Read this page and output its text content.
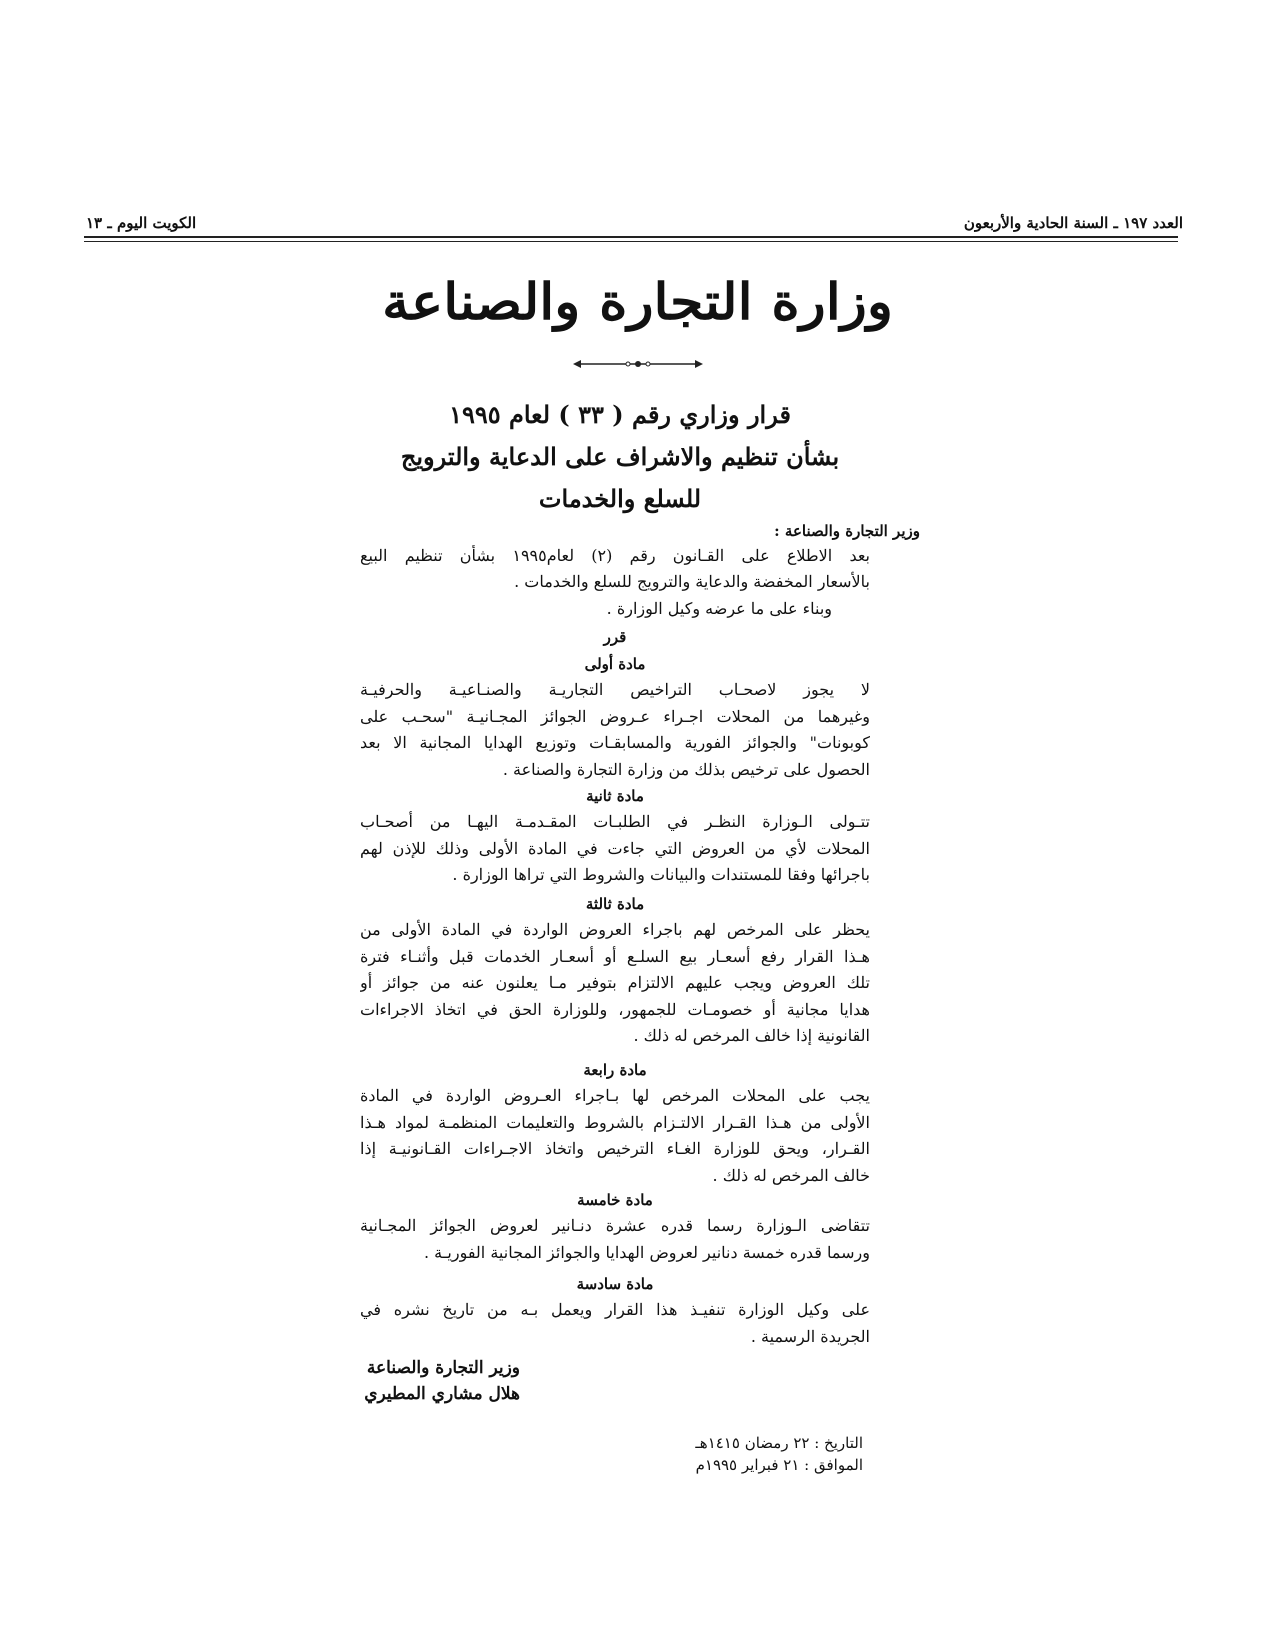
العدد ١٩٧ ـ السنة الحادية والأربعون
الكويت اليوم ـ ١٣
وزارة التجارة والصناعة
قرار وزاري رقم ( ٣٣ ) لعام ١٩٩٥
بشأن تنظيم والاشراف على الدعاية والترويج
للسلع والخدمات
وزير التجارة والصناعة :
بعد الاطلاع على القـانون رقم (٢) لعام١٩٩٥ بشأن تنظيم البيع
بالأسعار المخفضة والدعاية والترويج للسلع والخدمات .
وبناء على ما عرضه وكيل الوزارة .
قرر
مادة أولى
لا يجوز لاصحـاب التراخيص التجاريـة والصنـاعيـة والحرفيـة
وغيرهما من المحلات اجـراء عـروض الجوائز المجـانيـة "سحـب على
كوبونات" والجوائز الفورية والمسابقـات وتوزيع الهدايا المجانية الا بعد
الحصول على ترخيص بذلك من وزارة التجارة والصناعة .
مادة ثانية
تتـولى الـوزارة النظـر في الطلبـات المقـدمـة اليهـا من أصحـاب
المحلات لأي من العروض التي جاءت في المادة الأولى وذلك للإذن لهم
باجرائها وفقا للمستندات والبيانات والشروط التي تراها الوزارة .
مادة ثالثة
يحظر على المرخص لهم باجراء العروض الواردة في المادة الأولى من
هـذا القرار رفع أسعـار بيع السلـع أو أسعـار الخدمات قبل وأثنـاء فترة
تلك العروض ويجب عليهم الالتزام بتوفير مـا يعلنون عنه من جوائز أو
هدايا مجانية أو خصومـات للجمهور، وللوزارة الحق في اتخاذ الاجراءات
القانونية إذا خالف المرخص له ذلك .
مادة رابعة
يجب على المحلات المرخص لها بـاجراء العـروض الواردة في المادة
الأولى من هـذا القـرار الالتـزام بالشروط والتعليمات المنظمـة لمواد هـذا
القـرار، ويحق للوزارة الغـاء الترخيص واتخاذ الاجـراءات القـانونيـة إذا
خالف المرخص له ذلك .
مادة خامسة
تتقاضى الـوزارة رسما قدره عشرة دنـانير لعروض الجوائز المجـانية
ورسما قدره خمسة دنانير لعروض الهدايا والجوائز المجانية الفوريـة .
مادة سادسة
على وكيل الوزارة تنفيـذ هذا القرار ويعمل بـه من تاريخ نشره في
الجريدة الرسمية .
وزير التجارة والصناعة
هلال مشاري المطيري
التاريخ : ٢٢ رمضان ١٤١٥هـ
الموافق : ٢١ فبراير ١٩٩٥م
